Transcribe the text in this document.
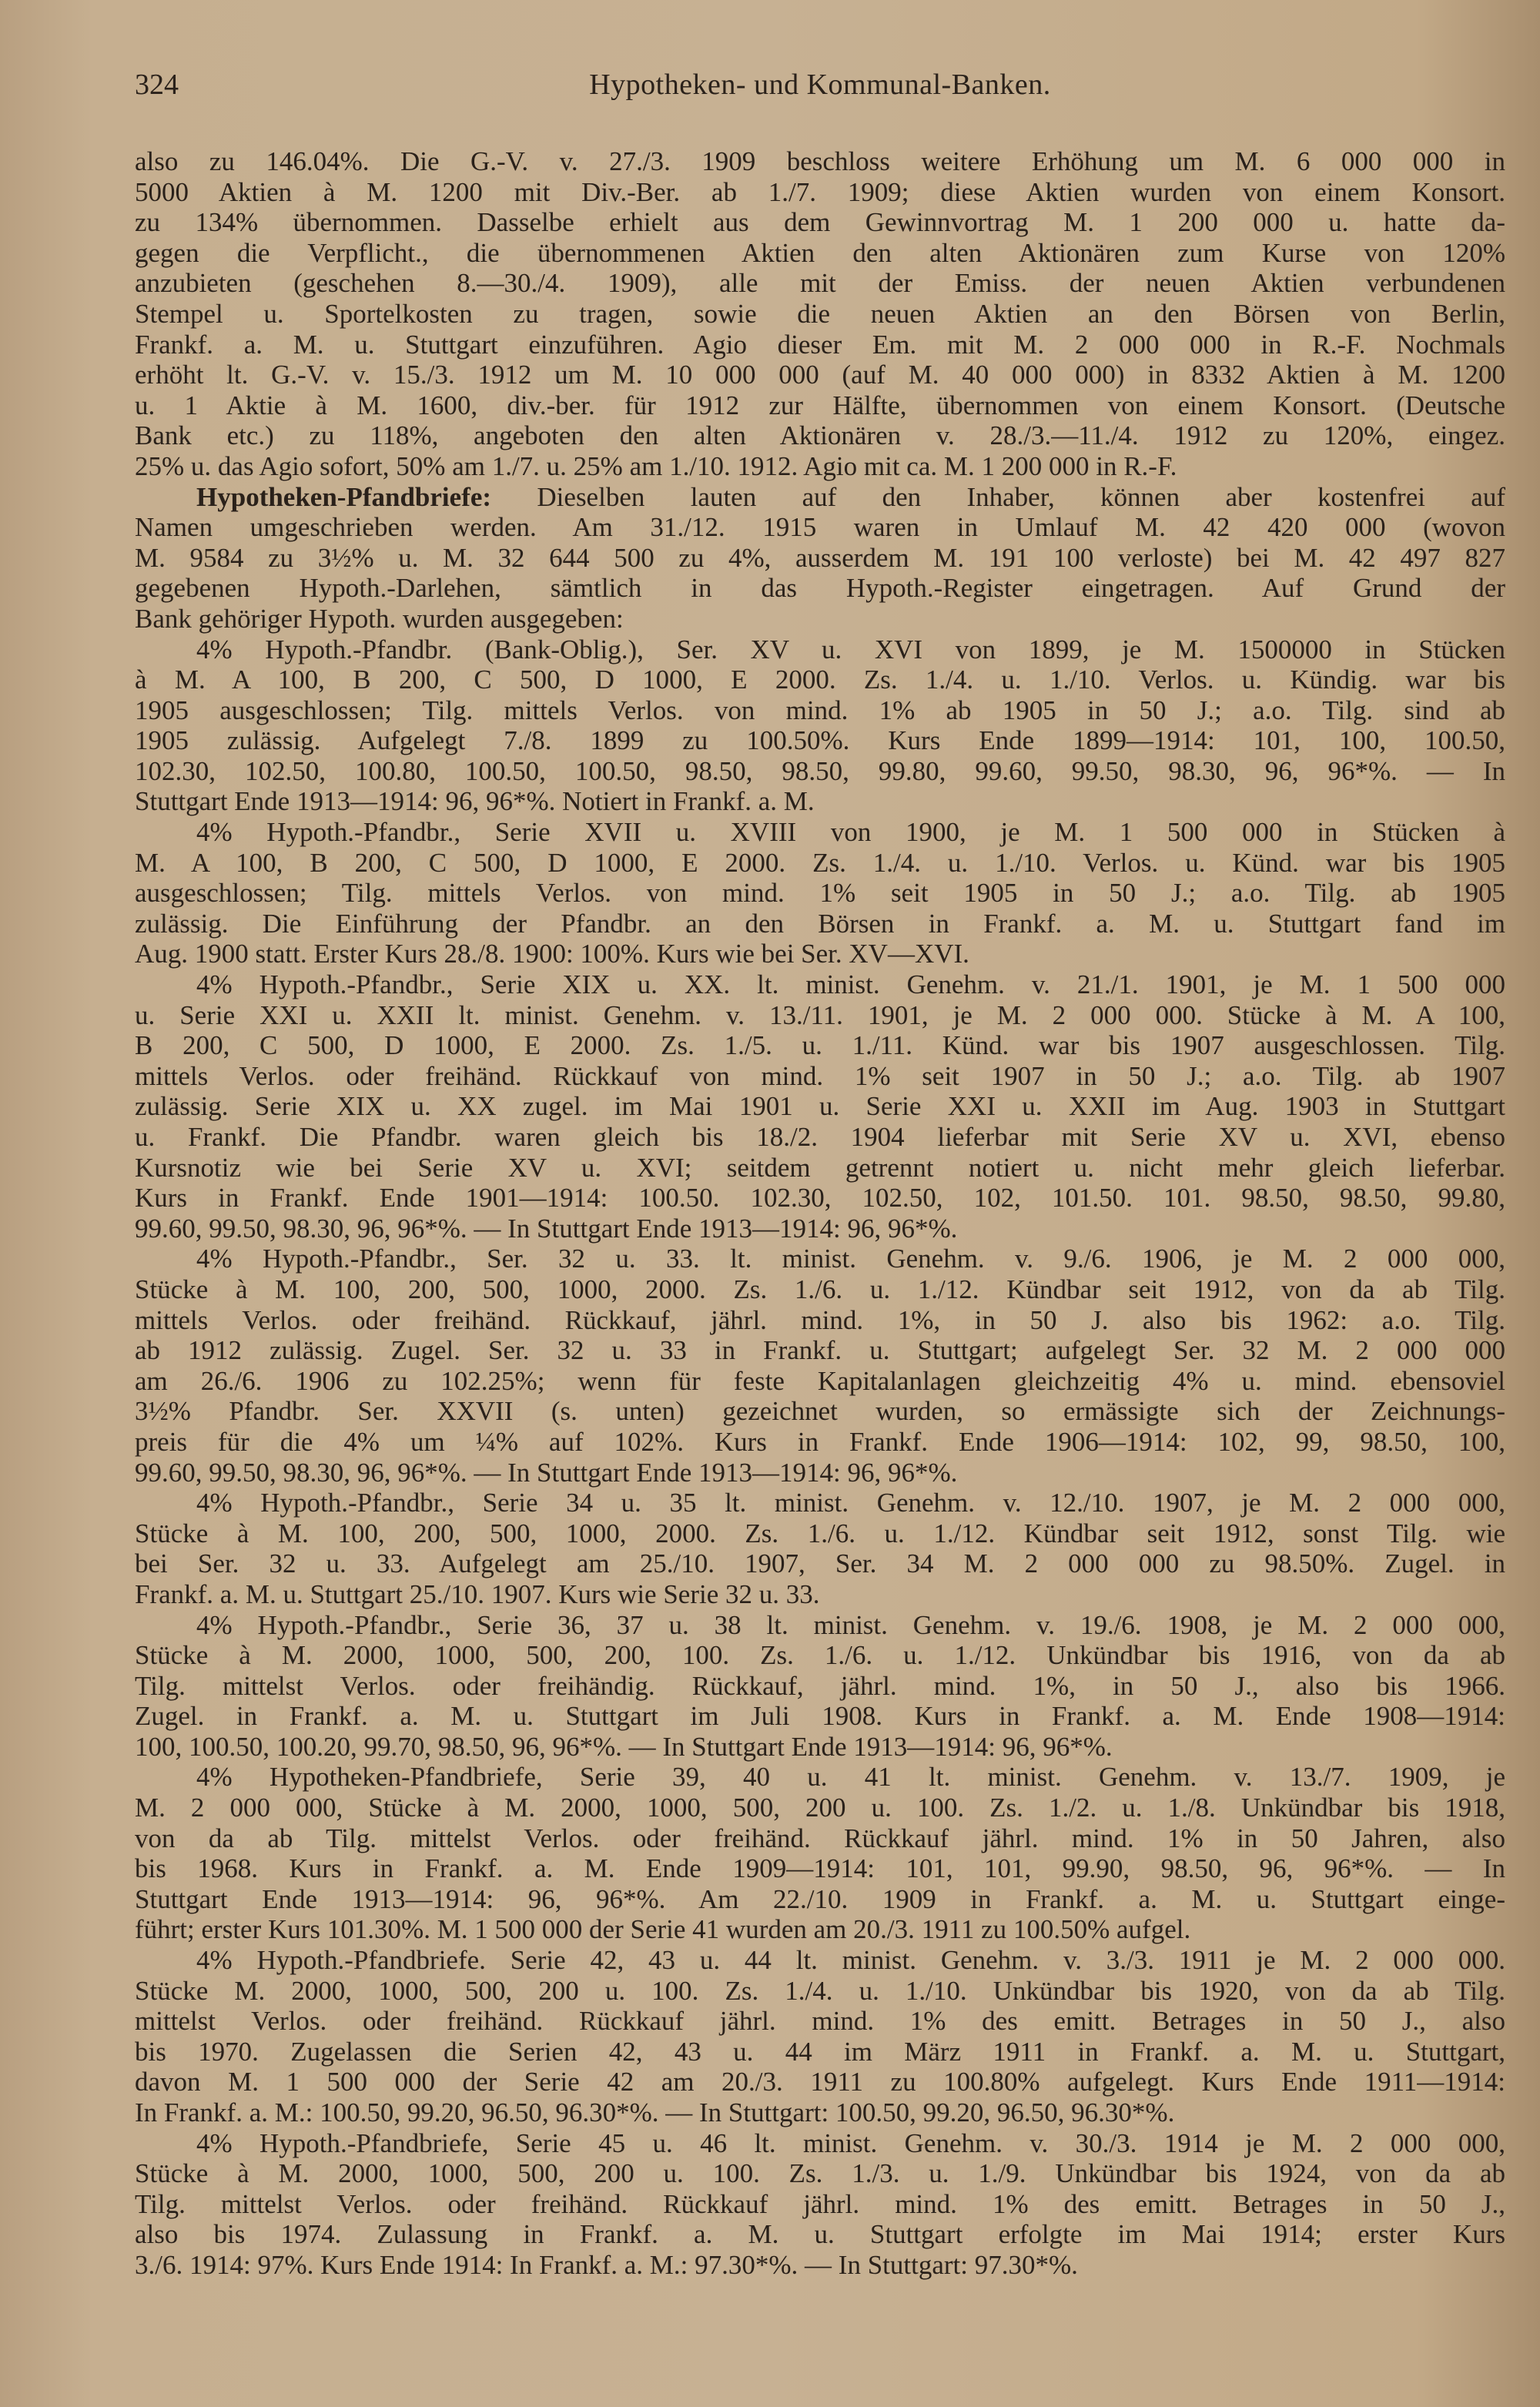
324	Hypotheken- und Kommunal-Banken.
also zu 146.04%. Die G.-V. v. 27./3. 1909 beschloss weitere Erhöhung um M. 6 000 000 in
5000 Aktien à M. 1200 mit Div.-Ber. ab 1./7. 1909; diese Aktien wurden von einem Konsort.
zu 134% übernommen. Dasselbe erhielt aus dem Gewinnvortrag M. 1 200 000 u. hatte da-
gegen die Verpflicht., die übernommenen Aktien den alten Aktionären zum Kurse von 120%
anzubieten (geschehen 8.—30./4. 1909), alle mit der Emiss. der neuen Aktien verbundenen
Stempel u. Sportelkosten zu tragen, sowie die neuen Aktien an den Börsen von Berlin,
Frankf. a. M. u. Stuttgart einzuführen. Agio dieser Em. mit M. 2 000 000 in R.-F. Nochmals
erhöht lt. G.-V. v. 15./3. 1912 um M. 10 000 000 (auf M. 40 000 000) in 8332 Aktien à M. 1200
u. 1 Aktie à M. 1600, div.-ber. für 1912 zur Hälfte, übernommen von einem Konsort. (Deutsche
Bank etc.) zu 118%, angeboten den alten Aktionären v. 28./3.—11./4. 1912 zu 120%, eingez.
25% u. das Agio sofort, 50% am 1./7. u. 25% am 1./10. 1912. Agio mit ca. M. 1 200 000 in R.-F.
Hypotheken-Pfandbriefe: Dieselben lauten auf den Inhaber, können aber kostenfrei auf
Namen umgeschrieben werden. Am 31./12. 1915 waren in Umlauf M. 42 420 000 (wovon
M. 9584 zu 3½% u. M. 32 644 500 zu 4%, ausserdem M. 191 100 verloste) bei M. 42 497 827
gegebenen Hypoth.-Darlehen, sämtlich in das Hypoth.-Register eingetragen. Auf Grund der
Bank gehöriger Hypoth. wurden ausgegeben:
4% Hypoth.-Pfandbr. (Bank-Oblig.), Ser. XV u. XVI von 1899, je M. 1500000 in Stücken
à M. A 100, B 200, C 500, D 1000, E 2000. Zs. 1./4. u. 1./10. Verlos. u. Kündig. war bis
1905 ausgeschlossen; Tilg. mittels Verlos. von mind. 1% ab 1905 in 50 J.; a.o. Tilg. sind ab
1905 zulässig. Aufgelegt 7./8. 1899 zu 100.50%. Kurs Ende 1899—1914: 101, 100, 100.50,
102.30, 102.50, 100.80, 100.50, 100.50, 98.50, 98.50, 99.80, 99.60, 99.50, 98.30, 96, 96*%. — In
Stuttgart Ende 1913—1914: 96, 96*%. Notiert in Frankf. a. M.
4% Hypoth.-Pfandbr., Serie XVII u. XVIII von 1900, je M. 1 500 000 in Stücken à
M. A 100, B 200, C 500, D 1000, E 2000. Zs. 1./4. u. 1./10. Verlos. u. Künd. war bis 1905
ausgeschlossen; Tilg. mittels Verlos. von mind. 1% seit 1905 in 50 J.; a.o. Tilg. ab 1905
zulässig. Die Einführung der Pfandbr. an den Börsen in Frankf. a. M. u. Stuttgart fand im
Aug. 1900 statt. Erster Kurs 28./8. 1900: 100%. Kurs wie bei Ser. XV—XVI.
4% Hypoth.-Pfandbr., Serie XIX u. XX. lt. minist. Genehm. v. 21./1. 1901, je M. 1 500 000
u. Serie XXI u. XXII lt. minist. Genehm. v. 13./11. 1901, je M. 2 000 000. Stücke à M. A 100,
B 200, C 500, D 1000, E 2000. Zs. 1./5. u. 1./11. Künd. war bis 1907 ausgeschlossen. Tilg.
mittels Verlos. oder freihänd. Rückkauf von mind. 1% seit 1907 in 50 J.; a.o. Tilg. ab 1907
zulässig. Serie XIX u. XX zugel. im Mai 1901 u. Serie XXI u. XXII im Aug. 1903 in Stuttgart
u. Frankf. Die Pfandbr. waren gleich bis 18./2. 1904 lieferbar mit Serie XV u. XVI, ebenso
Kursnotiz wie bei Serie XV u. XVI; seitdem getrennt notiert u. nicht mehr gleich lieferbar.
Kurs in Frankf. Ende 1901—1914: 100.50. 102.30, 102.50, 102, 101.50. 101. 98.50, 98.50, 99.80,
99.60, 99.50, 98.30, 96, 96*%. — In Stuttgart Ende 1913—1914: 96, 96*%.
4% Hypoth.-Pfandbr., Ser. 32 u. 33. lt. minist. Genehm. v. 9./6. 1906, je M. 2 000 000,
Stücke à M. 100, 200, 500, 1000, 2000. Zs. 1./6. u. 1./12. Kündbar seit 1912, von da ab Tilg.
mittels Verlos. oder freihänd. Rückkauf, jährl. mind. 1%, in 50 J. also bis 1962: a.o. Tilg.
ab 1912 zulässig. Zugel. Ser. 32 u. 33 in Frankf. u. Stuttgart; aufgelegt Ser. 32 M. 2 000 000
am 26./6. 1906 zu 102.25%; wenn für feste Kapitalanlagen gleichzeitig 4% u. mind. ebensoviel
3½% Pfandbr. Ser. XXVII (s. unten) gezeichnet wurden, so ermässigte sich der Zeichnungs-
preis für die 4% um ¼% auf 102%. Kurs in Frankf. Ende 1906—1914: 102, 99, 98.50, 100,
99.60, 99.50, 98.30, 96, 96*%. — In Stuttgart Ende 1913—1914: 96, 96*%.
4% Hypoth.-Pfandbr., Serie 34 u. 35 lt. minist. Genehm. v. 12./10. 1907, je M. 2 000 000,
Stücke à M. 100, 200, 500, 1000, 2000. Zs. 1./6. u. 1./12. Kündbar seit 1912, sonst Tilg. wie
bei Ser. 32 u. 33. Aufgelegt am 25./10. 1907, Ser. 34 M. 2 000 000 zu 98.50%. Zugel. in
Frankf. a. M. u. Stuttgart 25./10. 1907. Kurs wie Serie 32 u. 33.
4% Hypoth.-Pfandbr., Serie 36, 37 u. 38 lt. minist. Genehm. v. 19./6. 1908, je M. 2 000 000,
Stücke à M. 2000, 1000, 500, 200, 100. Zs. 1./6. u. 1./12. Unkündbar bis 1916, von da ab
Tilg. mittelst Verlos. oder freihändig. Rückkauf, jährl. mind. 1%, in 50 J., also bis 1966.
Zugel. in Frankf. a. M. u. Stuttgart im Juli 1908. Kurs in Frankf. a. M. Ende 1908—1914:
100, 100.50, 100.20, 99.70, 98.50, 96, 96*%. — In Stuttgart Ende 1913—1914: 96, 96*%.
4% Hypotheken-Pfandbriefe, Serie 39, 40 u. 41 lt. minist. Genehm. v. 13./7. 1909, je
M. 2 000 000, Stücke à M. 2000, 1000, 500, 200 u. 100. Zs. 1./2. u. 1./8. Unkündbar bis 1918,
von da ab Tilg. mittelst Verlos. oder freihänd. Rückkauf jährl. mind. 1% in 50 Jahren, also
bis 1968. Kurs in Frankf. a. M. Ende 1909—1914: 101, 101, 99.90, 98.50, 96, 96*%. — In
Stuttgart Ende 1913—1914: 96, 96*%. Am 22./10. 1909 in Frankf. a. M. u. Stuttgart einge-
führt; erster Kurs 101.30%. M. 1 500 000 der Serie 41 wurden am 20./3. 1911 zu 100.50% aufgel.
4% Hypoth.-Pfandbriefe. Serie 42, 43 u. 44 lt. minist. Genehm. v. 3./3. 1911 je M. 2 000 000.
Stücke M. 2000, 1000, 500, 200 u. 100. Zs. 1./4. u. 1./10. Unkündbar bis 1920, von da ab Tilg.
mittelst Verlos. oder freihänd. Rückkauf jährl. mind. 1% des emitt. Betrages in 50 J., also
bis 1970. Zugelassen die Serien 42, 43 u. 44 im März 1911 in Frankf. a. M. u. Stuttgart,
davon M. 1 500 000 der Serie 42 am 20./3. 1911 zu 100.80% aufgelegt. Kurs Ende 1911—1914:
In Frankf. a. M.: 100.50, 99.20, 96.50, 96.30*%. — In Stuttgart: 100.50, 99.20, 96.50, 96.30*%.
4% Hypoth.-Pfandbriefe, Serie 45 u. 46 lt. minist. Genehm. v. 30./3. 1914 je M. 2 000 000,
Stücke à M. 2000, 1000, 500, 200 u. 100. Zs. 1./3. u. 1./9. Unkündbar bis 1924, von da ab
Tilg. mittelst Verlos. oder freihänd. Rückkauf jährl. mind. 1% des emitt. Betrages in 50 J.,
also bis 1974. Zulassung in Frankf. a. M. u. Stuttgart erfolgte im Mai 1914; erster Kurs
3./6. 1914: 97%. Kurs Ende 1914: In Frankf. a. M.: 97.30*%. — In Stuttgart: 97.30*%.
